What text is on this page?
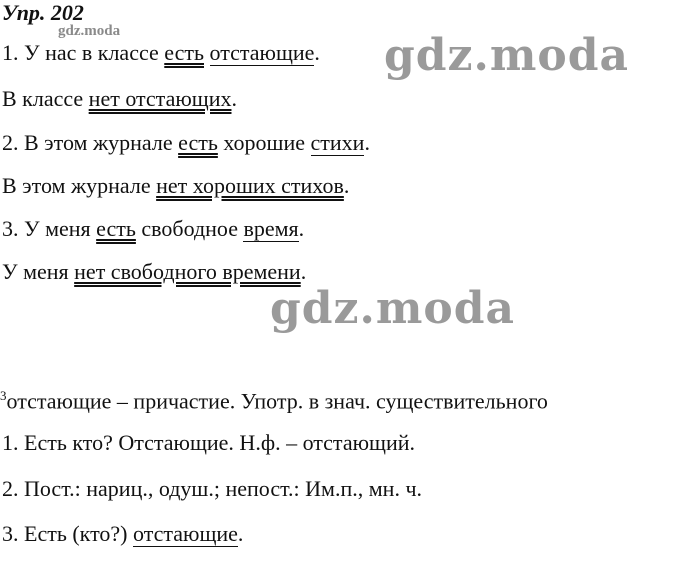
Упр. 202
gdz.moda
1. У нас в классе есть отстающие. gdz.moda
В классе нет отстающих.
2. В этом журнале есть хорошие стихи.
В этом журнале нет хороших стихов.
3. У меня есть свободное время.
У меня нет свободного времени.
gdz.moda
$^3$отстающие – причастие. Употр. в знач. существительного
1. Есть кто? Отстающие. Н.ф. – отстающий.
2. Пост.: нариц., одуш.; непост.: Им.п., мн. ч.
3. Есть (кто?) отстающие.
